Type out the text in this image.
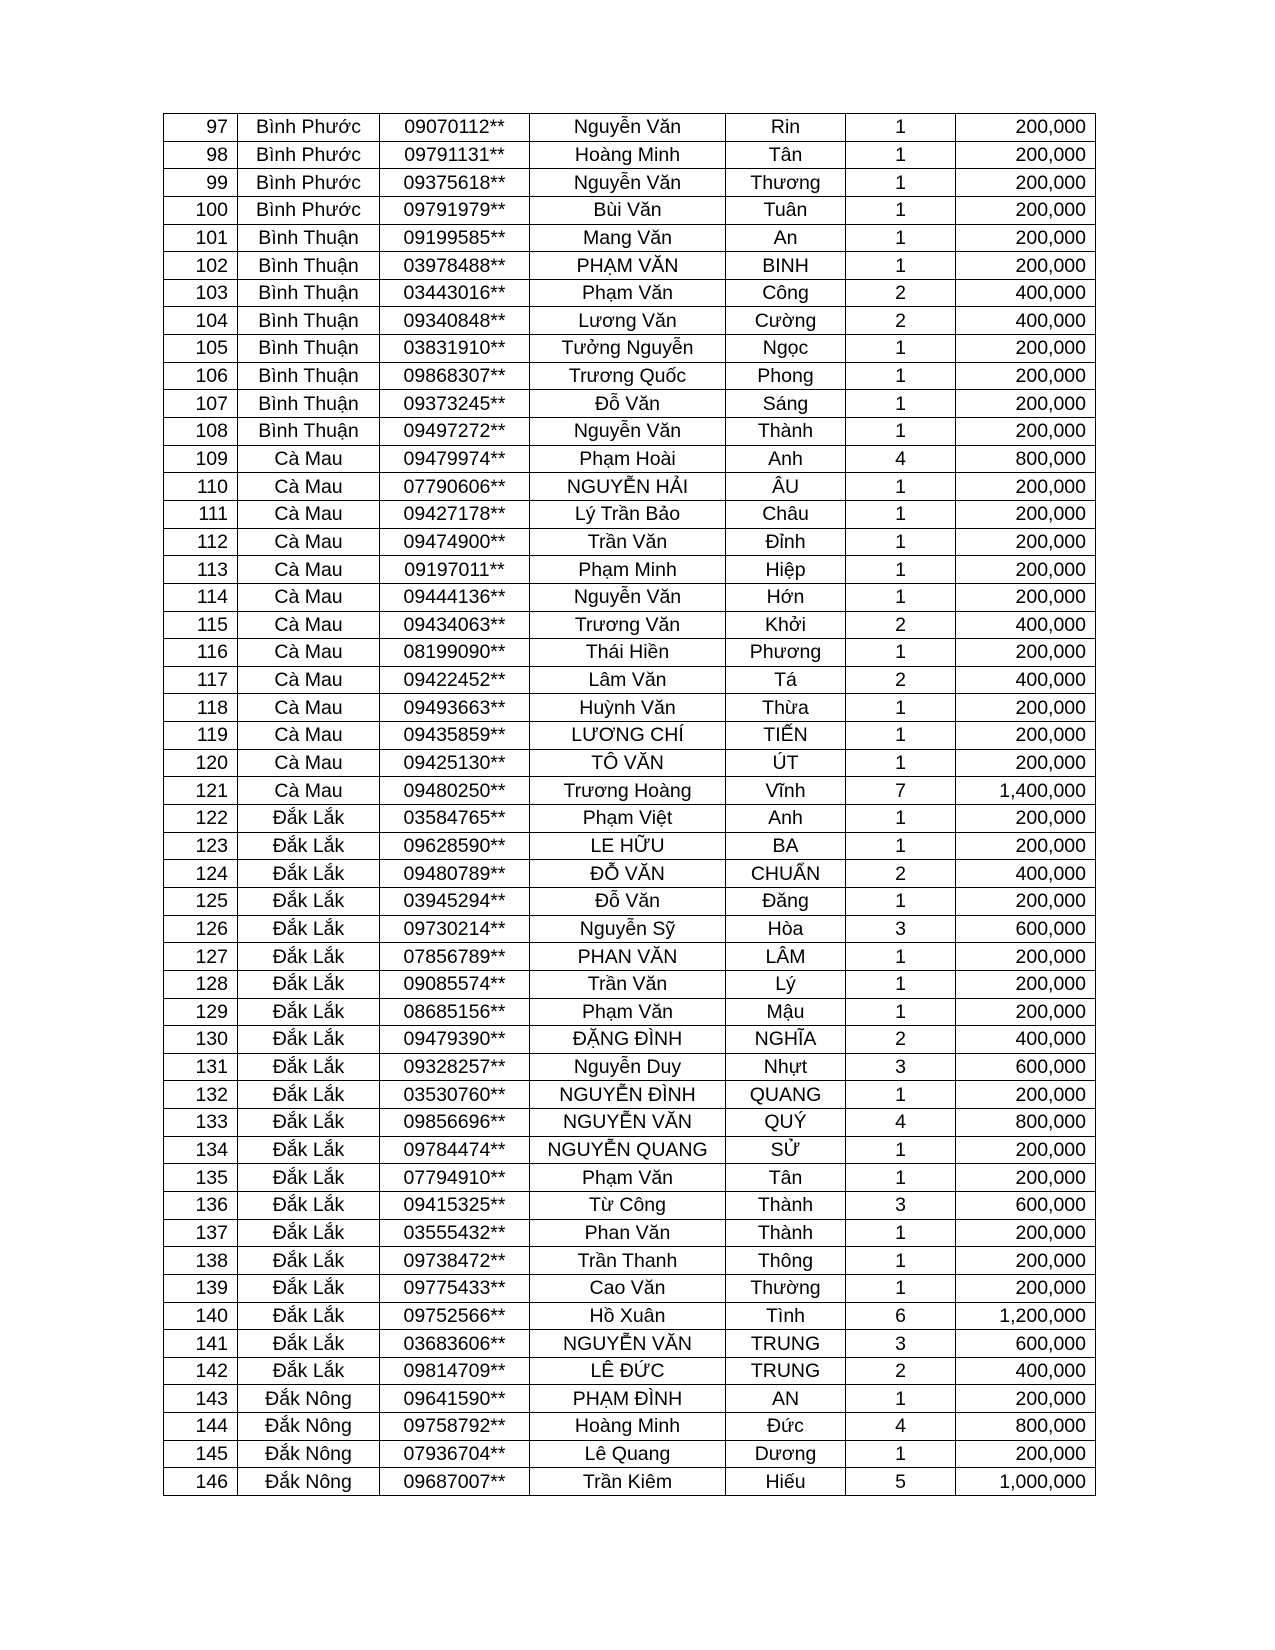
97	Bình Phước	09070112**	Nguyễn Văn	Rin	1	200,000
98	Bình Phước	09791131**	Hoàng Minh	Tân	1	200,000
99	Bình Phước	09375618**	Nguyễn Văn	Thương	1	200,000
100	Bình Phước	09791979**	Bùi Văn	Tuân	1	200,000
101	Bình Thuận	09199585**	Mang Văn	An	1	200,000
102	Bình Thuận	03978488**	PHẠM VĂN	BINH	1	200,000
103	Bình Thuận	03443016**	Phạm Văn	Công	2	400,000
104	Bình Thuận	09340848**	Lương Văn	Cường	2	400,000
105	Bình Thuận	03831910**	Tưởng Nguyễn	Ngọc	1	200,000
106	Bình Thuận	09868307**	Trương Quốc	Phong	1	200,000
107	Bình Thuận	09373245**	Đỗ Văn	Sáng	1	200,000
108	Bình Thuận	09497272**	Nguyễn Văn	Thành	1	200,000
109	Cà Mau	09479974**	Phạm Hoài	Anh	4	800,000
110	Cà Mau	07790606**	NGUYỄN HẢI	ÂU	1	200,000
111	Cà Mau	09427178**	Lý Trần Bảo	Châu	1	200,000
112	Cà Mau	09474900**	Trần Văn	Đỉnh	1	200,000
113	Cà Mau	09197011**	Phạm Minh	Hiệp	1	200,000
114	Cà Mau	09444136**	Nguyễn Văn	Hớn	1	200,000
115	Cà Mau	09434063**	Trương Văn	Khởi	2	400,000
116	Cà Mau	08199090**	Thái Hiền	Phương	1	200,000
117	Cà Mau	09422452**	Lâm Văn	Tá	2	400,000
118	Cà Mau	09493663**	Huỳnh Văn	Thừa	1	200,000
119	Cà Mau	09435859**	LƯƠNG CHÍ	TIẾN	1	200,000
120	Cà Mau	09425130**	TÔ VĂN	ÚT	1	200,000
121	Cà Mau	09480250**	Trương Hoàng	Vĩnh	7	1,400,000
122	Đắk Lắk	03584765**	Phạm Việt	Anh	1	200,000
123	Đắk Lắk	09628590**	LE HỮU	BA	1	200,000
124	Đắk Lắk	09480789**	ĐỖ VĂN	CHUẨN	2	400,000
125	Đắk Lắk	03945294**	Đỗ Văn	Đăng	1	200,000
126	Đắk Lắk	09730214**	Nguyễn Sỹ	Hòa	3	600,000
127	Đắk Lắk	07856789**	PHAN VĂN	LÂM	1	200,000
128	Đắk Lắk	09085574**	Trần Văn	Lý	1	200,000
129	Đắk Lắk	08685156**	Phạm Văn	Mậu	1	200,000
130	Đắk Lắk	09479390**	ĐẶNG ĐÌNH	NGHĨA	2	400,000
131	Đắk Lắk	09328257**	Nguyễn Duy	Nhựt	3	600,000
132	Đắk Lắk	03530760**	NGUYỄN ĐÌNH	QUANG	1	200,000
133	Đắk Lắk	09856696**	NGUYỄN VĂN	QUÝ	4	800,000
134	Đắk Lắk	09784474**	NGUYỄN QUANG	SỬ	1	200,000
135	Đắk Lắk	07794910**	Phạm Văn	Tân	1	200,000
136	Đắk Lắk	09415325**	Từ Công	Thành	3	600,000
137	Đắk Lắk	03555432**	Phan Văn	Thành	1	200,000
138	Đắk Lắk	09738472**	Trần Thanh	Thông	1	200,000
139	Đắk Lắk	09775433**	Cao Văn	Thường	1	200,000
140	Đắk Lắk	09752566**	Hồ Xuân	Tình	6	1,200,000
141	Đắk Lắk	03683606**	NGUYỄN VĂN	TRUNG	3	600,000
142	Đắk Lắk	09814709**	LÊ ĐỨC	TRUNG	2	400,000
143	Đắk Nông	09641590**	PHẠM ĐÌNH	AN	1	200,000
144	Đắk Nông	09758792**	Hoàng Minh	Đức	4	800,000
145	Đắk Nông	07936704**	Lê Quang	Dương	1	200,000
146	Đắk Nông	09687007**	Trần Kiêm	Hiếu	5	1,000,000
